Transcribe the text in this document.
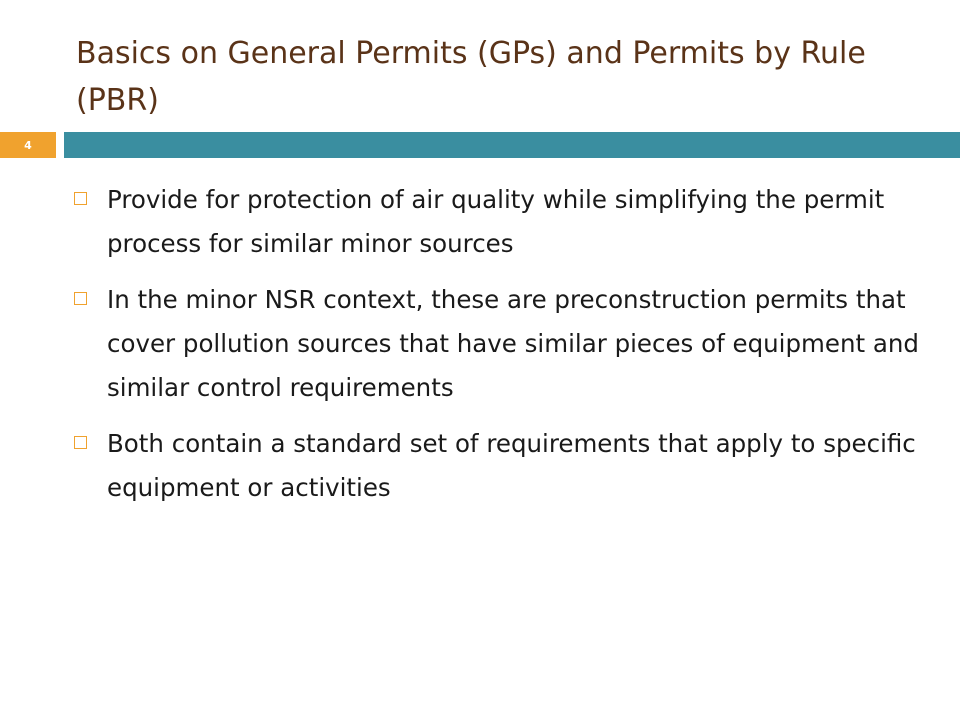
Basics on General Permits (GPs) and Permits by Rule (PBR)
4
Provide for protection of air quality while simplifying the permit process for similar minor sources
In the minor NSR context, these are preconstruction permits that cover pollution sources that have similar pieces of equipment and similar control requirements
Both contain a standard set of requirements that apply to specific equipment or activities
